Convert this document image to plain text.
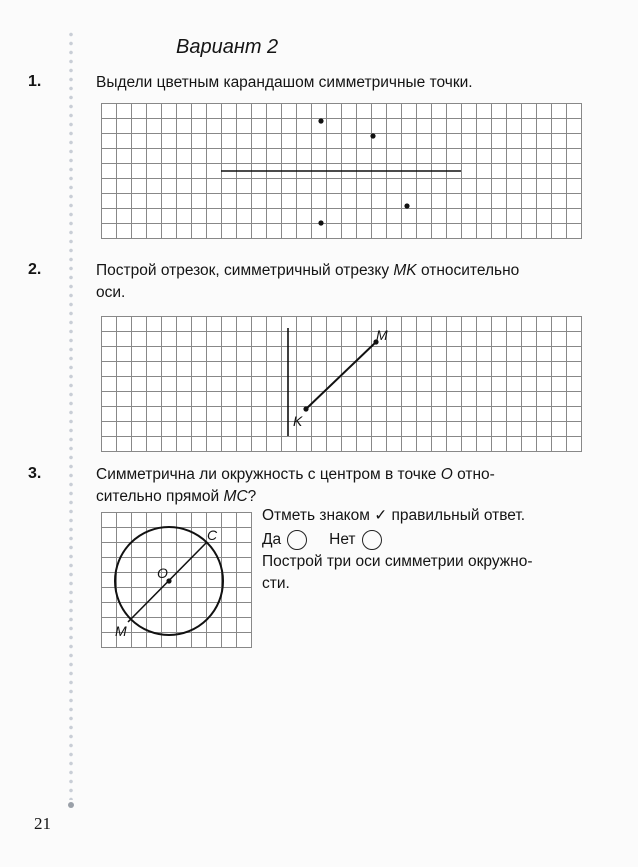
Вариант 2
1.	Выдели цветным карандашом симметричные точки.
2.	Построй отрезок, симметричный отрезку MK относительно
оси.
M
K
3.	Симметрична ли окружность с центром в точке O отно-
сительно прямой MC?
C
O
M
Отметь знаком ✓ правильный ответ.
Да	Нет
Построй три оси симметрии окружно-
сти.
21
